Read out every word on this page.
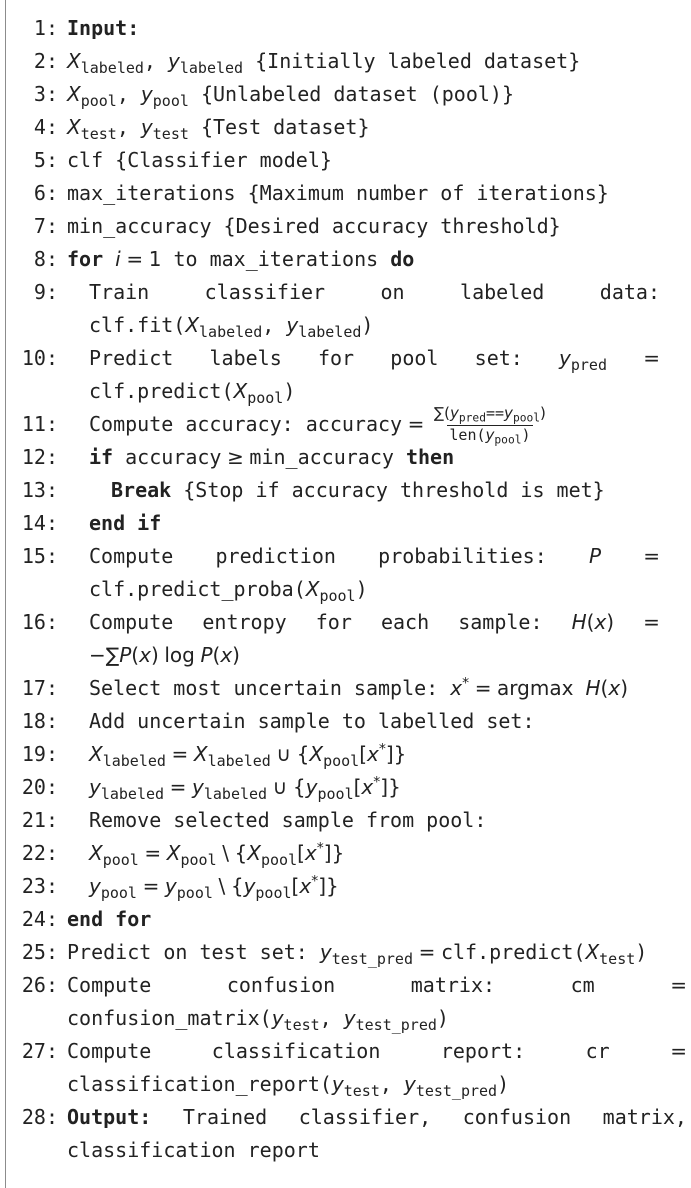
1: Input:
2: $X_{labeled}$, $y_{labeled}$ {Initially labeled dataset}
3: $X_{pool}$, $y_{pool}$ {Unlabeled dataset (pool)}
4: $X_{test}$, $y_{test}$ {Test dataset}
5: clf {Classifier model}
6: max_iterations {Maximum number of iterations}
7: min_accuracy {Desired accuracy threshold}
8: for i = 1 to max_iterations do
9: Train	classifier	on	labeled	data:
$clf.fit(X_{labeled}$, $y_{labeled}$)
10: Predict labels for pool set: $y_{pred}$ =
$clf.predict(X_{pool})$
11: Compute accuracy: accuracy = $\frac{\sum(y_{pred}==y_{pool})}{len(y_{pool})}$
12: if accuracy ≥ min_accuracy then
13:	Break {Stop if accuracy threshold is met}
14: end if
15: Compute prediction probabilities: P =
$clf.predict\_proba(X_{pool})$
16: Compute entropy for each sample: H(x) =
−∑P(x) log P(x)
17: Select most uncertain sample: x* = argmax H(x)
18: Add uncertain sample to labelled set:
19: $X_{labeled} = X_{labeled}$ ∪ $\{X_{pool}[x^*]\}$
20: $y_{labeled} = y_{labeled}$ ∪ $\{y_{pool}[x^*]\}$
21: Remove selected sample from pool:
22: $X_{pool} = X_{pool}$ \ $\{X_{pool}[x^*]\}$
23: $y_{pool} = y_{pool}$ \ $\{y_{pool}[x^*]\}$
24: end for
25: Predict on test set: $y_{test\_pred}$ = $clf.predict(X_{test})$
26: Compute	confusion	matrix:	cm	=
$confusion\_matrix(y_{test}$, $y_{test\_pred}$)
27: Compute	classification	report:	cr	=
$classification\_report(y_{test}$, $y_{test\_pred}$)
28: Output: Trained classifier, confusion matrix,
classification report
